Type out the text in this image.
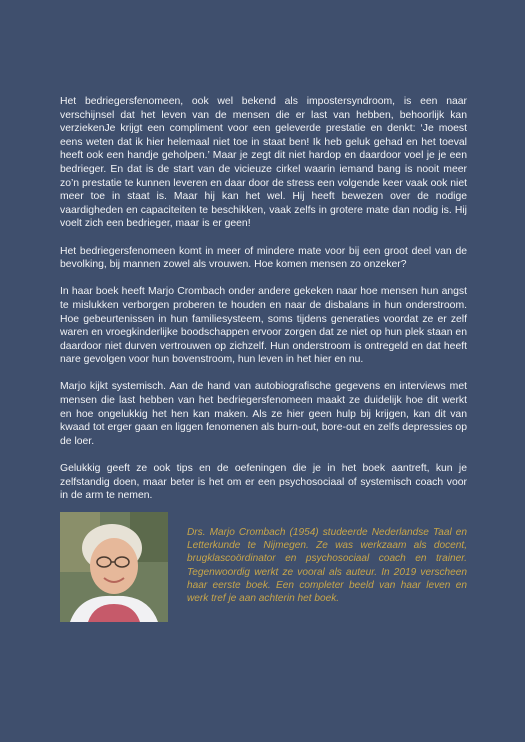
Het bedriegersfenomeen, ook wel bekend als impostersyndroom, is een naar verschijnsel dat het leven van de mensen die er last van hebben, behoorlijk kan verziekenJe krijgt een compliment voor een geleverde prestatie en denkt: ‘Je moest eens weten dat ik hier helemaal niet toe in staat ben! Ik heb geluk gehad en het toeval heeft ook een handje geholpen.’ Maar je zegt dit niet hardop en daardoor voel je je een bedrieger. En dat is de start van de vicieuze cirkel waarin iemand bang is nooit meer zo’n prestatie te kunnen leveren en daar door de stress een volgende keer vaak ook niet meer toe in staat is. Maar hij kan het wel. Hij heeft bewezen over de nodige vaardigheden en capaciteiten te beschikken, vaak zelfs in grotere mate dan nodig is. Hij voelt zich een bedrieger, maar is er geen!

Het bedriegersfenomeen komt in meer of mindere mate voor bij een groot deel van de bevolking, bij mannen zowel als vrouwen. Hoe komen mensen zo onzeker?

In haar boek heeft Marjo Crombach onder andere gekeken naar hoe mensen hun angst te mislukken verborgen proberen te houden en naar de disbalans in hun onderstroom. Hoe gebeurtenissen in hun familiesysteem, soms tijdens generaties voordat ze er zelf waren en vroegkinderlijke boodschappen ervoor zorgen dat ze niet op hun plek staan en daardoor niet durven vertrouwen op zichzelf. Hun onderstroom is ontregeld en dat heeft nare gevolgen voor hun bovenstroom, hun leven in het hier en nu.

Marjo kijkt systemisch. Aan de hand van autobiografische gegevens en interviews met mensen die last hebben van het bedriegersfenomeen maakt ze duidelijk hoe dit werkt en hoe ongelukkig het hen kan maken. Als ze hier geen hulp bij krijgen, kan dit van kwaad tot erger gaan en liggen fenomenen als burn-out, bore-out en zelfs depressies op de loer.

Gelukkig geeft ze ook tips en de oefeningen die je in het boek aantreft, kun je zelfstandig doen, maar beter is het om er een psychosociaal of systemisch coach voor in de arm te nemen.

Drs. Marjo Crombach (1954) studeerde Nederlandse Taal en Letterkunde te Nijmegen. Ze was werkzaam als docent, brugklascoördinator en psychosociaal coach en trainer. Tegenwoordig werkt ze vooral als auteur. In 2019 verscheen haar eerste boek. Een completer beeld van haar leven en werk tref je aan achterin het boek.
